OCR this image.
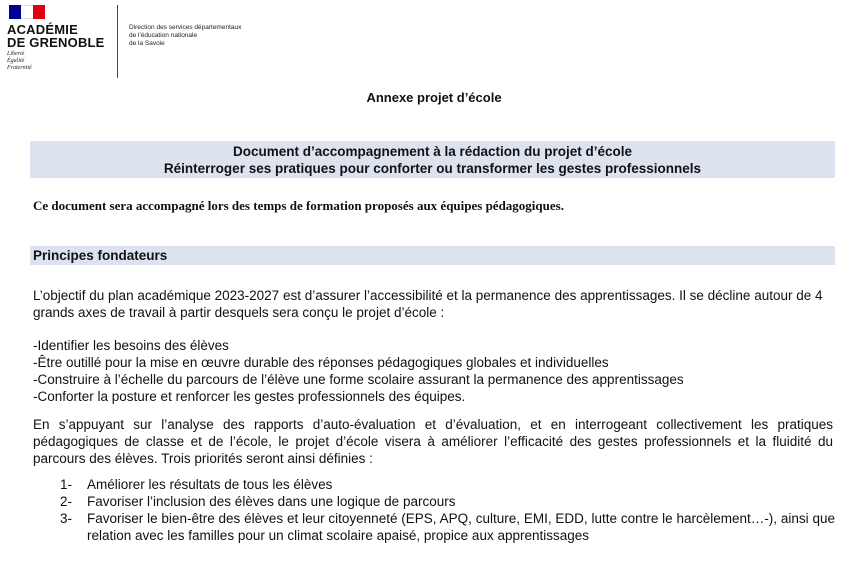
ACADÉMIE
DE GRENOBLE
Liberté
Égalité
Fraternité
Direction des services départementaux
de l'éducation nationale
de la Savoie
Annexe projet d’école
Document d’accompagnement à la rédaction du projet d’école
Réinterroger ses pratiques pour conforter ou transformer les gestes professionnels
Ce document sera accompagné lors des temps de formation proposés aux équipes pédagogiques.
Principes fondateurs
L’objectif du plan académique 2023-2027 est d’assurer l’accessibilité et la permanence des apprentissages. Il se décline autour de 4 grands axes de travail à partir desquels sera conçu le projet d’école :
-Identifier les besoins des élèves
-Être outillé pour la mise en œuvre durable des réponses pédagogiques globales et individuelles
-Construire à l’échelle du parcours de l’élève une forme scolaire assurant la permanence des apprentissages
-Conforter la posture et renforcer les gestes professionnels des équipes.
En s’appuyant sur l’analyse des rapports d’auto-évaluation et d’évaluation, et en interrogeant collectivement les pratiques pédagogiques de classe et de l’école, le projet d’école visera à améliorer l’efficacité des gestes professionnels et la fluidité du parcours des élèves. Trois priorités seront ainsi définies :
1-	Améliorer les résultats de tous les élèves
2-	Favoriser l’inclusion des élèves dans une logique de parcours
3-	Favoriser le bien-être des élèves et leur citoyenneté (EPS, APQ, culture, EMI, EDD, lutte contre le harcèlement…-), ainsi que relation avec les familles pour un climat scolaire apaisé, propice aux apprentissages
